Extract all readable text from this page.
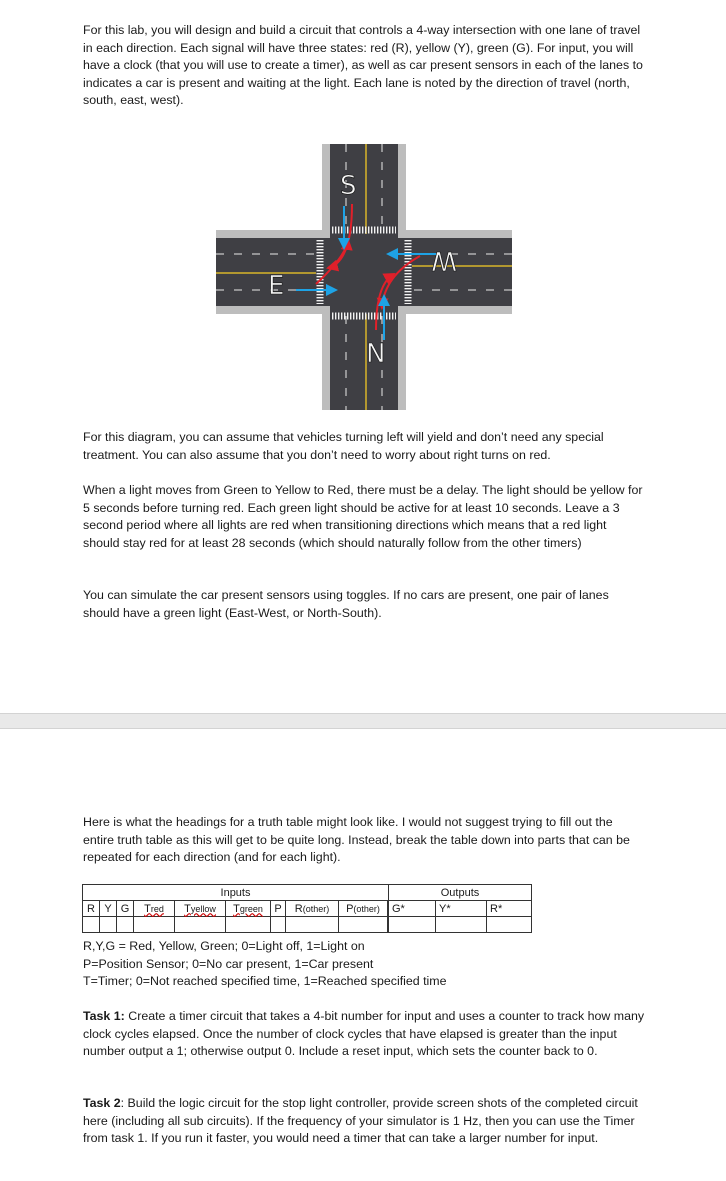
For this lab, you will design and build a circuit that controls a 4-way intersection with one lane of travel in each direction. Each signal will have three states: red (R), yellow (Y), green (G). For input, you will have a clock (that you will use to create a timer), as well as car present sensors in each of the lanes to indicates a car is present and waiting at the light. Each lane is noted by the direction of travel (north, south, east, west).

S
W
E
N

For this diagram, you can assume that vehicles turning left will yield and don’t need any special treatment. You can also assume that you don’t need to worry about right turns on red.

When a light moves from Green to Yellow to Red, there must be a delay. The light should be yellow for 5 seconds before turning red. Each green light should be active for at least 10 seconds. Leave a 3 second period where all lights are red when transitioning directions which means that a red light should stay red for at least 28 seconds (which should naturally follow from the other timers)

You can simulate the car present sensors using toggles. If no cars are present, one pair of lanes should have a green light (East-West, or North-South).

Here is what the headings for a truth table might look like. I would not suggest trying to fill out the entire truth table as this will get to be quite long. Instead, break the table down into parts that can be repeated for each direction (and for each light).

Inputs									Outputs		
R	Y	G	Tred	Tyellow	Tgreen	P	R(other)	P(other)		G*	Y*	R*

R,Y,G = Red, Yellow, Green; 0=Light off, 1=Light on
P=Position Sensor; 0=No car present, 1=Car present
T=Timer; 0=Not reached specified time, 1=Reached specified time

Task 1: Create a timer circuit that takes a 4-bit number for input and uses a counter to track how many clock cycles elapsed. Once the number of clock cycles that have elapsed is greater than the input number output a 1; otherwise output 0. Include a reset input, which sets the counter back to 0.

Task 2: Build the logic circuit for the stop light controller, provide screen shots of the completed circuit here (including all sub circuits). If the frequency of your simulator is 1 Hz, then you can use the Timer from task 1. If you run it faster, you would need a timer that can take a larger number for input.
